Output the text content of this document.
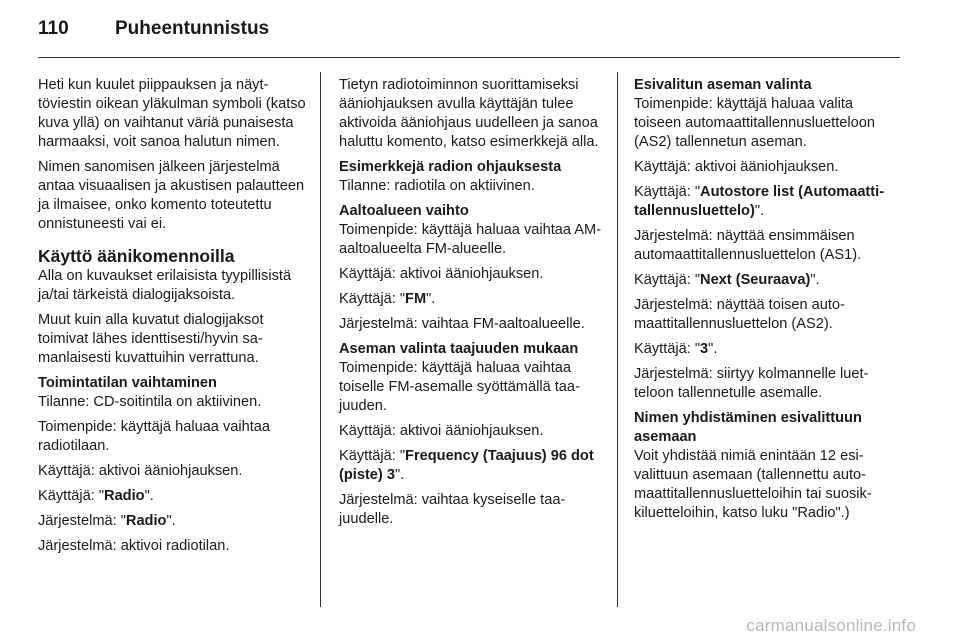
110	Puheentunnistus

Heti kun kuulet piippauksen ja näyttöviestin oikean yläkulman symboli (katso kuva yllä) on vaihtanut väriä punaisesta harmaaksi, voit sanoa halutun nimen.

Nimen sanomisen jälkeen järjestelmä antaa visuaalisen ja akustisen palautteen ja ilmaisee, onko komento toteutettu onnistuneesti vai ei.

Käyttö äänikomennoilla

Alla on kuvaukset erilaisista tyypillisistä ja/tai tärkeistä dialogijaksoista.

Muut kuin alla kuvatut dialogijaksot toimivat lähes identtisesti/hyvin samanlaisesti kuvattuihin verrattuna.

Toimintatilan vaihtaminen

Tilanne: CD-soitintila on aktiivinen.

Toimenpide: käyttäjä haluaa vaihtaa radiotilaan.

Käyttäjä: aktivoi ääniohjauksen.

Käyttäjä: "Radio".

Järjestelmä: "Radio".

Järjestelmä: aktivoi radiotilan.

Tietyn radiotoiminnon suorittamiseksi ääniohjauksen avulla käyttäjän tulee aktivoida ääniohjaus uudelleen ja sanoa haluttu komento, katso esimerkkejä alla.

Esimerkkejä radion ohjauksesta

Tilanne: radiotila on aktiivinen.

Aaltoalueen vaihto

Toimenpide: käyttäjä haluaa vaihtaa AM-aaltoalueelta FM-alueelle.

Käyttäjä: aktivoi ääniohjauksen.

Käyttäjä: "FM".

Järjestelmä: vaihtaa FM-aaltoalueelle.

Aseman valinta taajuuden mukaan

Toimenpide: käyttäjä haluaa vaihtaa toiselle FM-asemalle syöttämällä taajuuden.

Käyttäjä: aktivoi ääniohjauksen.

Käyttäjä: "Frequency (Taajuus) 96 dot (piste) 3".

Järjestelmä: vaihtaa kyseiselle taajuudelle.

Esivalitun aseman valinta

Toimenpide: käyttäjä haluaa valita toiseen automaattitallennusluetteloon (AS2) tallennetun aseman.

Käyttäjä: aktivoi ääniohjauksen.

Käyttäjä: "Autostore list (Automaattitallennusluettelo)".

Järjestelmä: näyttää ensimmäisen automaattitallennusluettelon (AS1).

Käyttäjä: "Next (Seuraava)".

Järjestelmä: näyttää toisen automaattitallennusluettelon (AS2).

Käyttäjä: "3".

Järjestelmä: siirtyy kolmannelle luetteloon tallennetulle asemalle.

Nimen yhdistäminen esivalittuun asemaan

Voit yhdistää nimiä enintään 12 esivalittuun asemaan (tallennettu automaattitallennusluetteloihin tai suosikkiluetteloihin, katso luku "Radio".)

carmanualsonline.info
